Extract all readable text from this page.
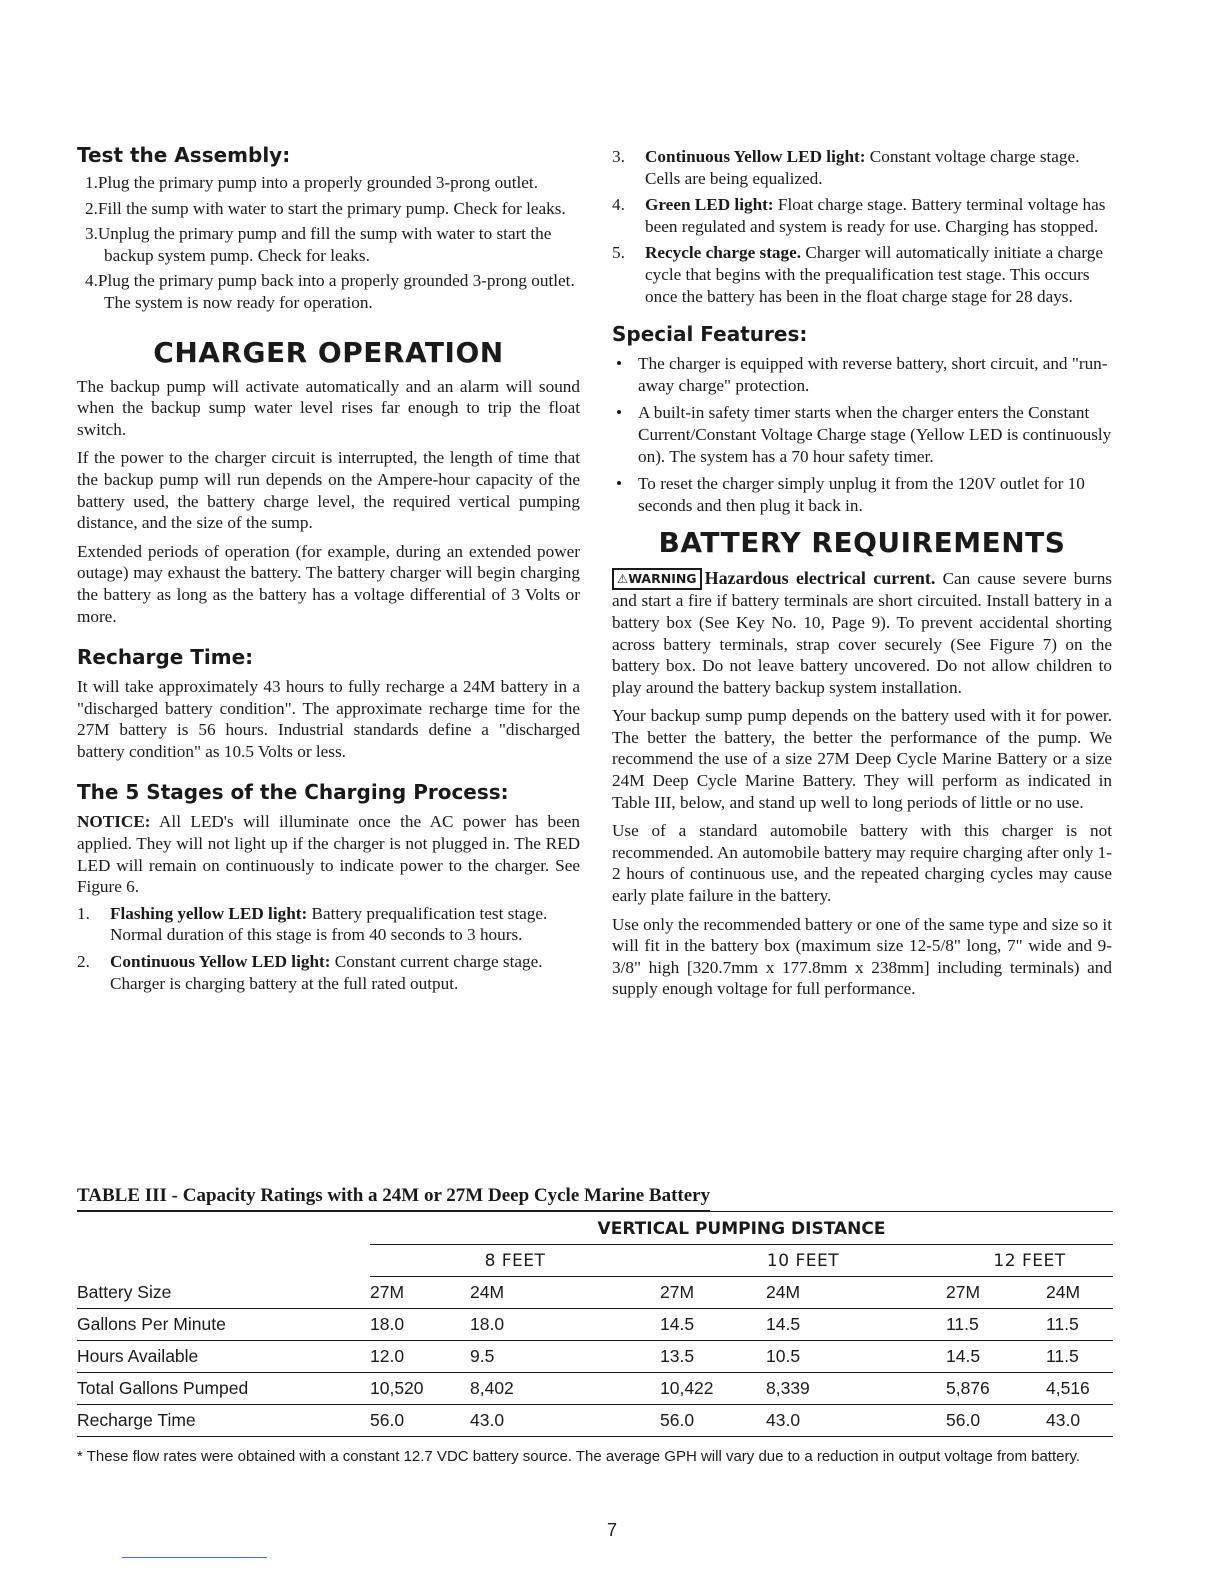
Test the Assembly:
1.Plug the primary pump into a properly grounded 3-prong outlet.
2.Fill the sump with water to start the primary pump. Check for leaks.
3.Unplug the primary pump and fill the sump with water to start the backup system pump. Check for leaks.
4.Plug the primary pump back into a properly grounded 3-prong outlet. The system is now ready for operation.
CHARGER OPERATION

The backup pump will activate automatically and an alarm will sound when the backup sump water level rises far enough to trip the float switch.

If the power to the charger circuit is interrupted, the length of time that the backup pump will run depends on the Ampere-hour capacity of the battery used, the battery charge level, the required vertical pumping distance, and the size of the sump.

Extended periods of operation (for example, during an extended power outage) may exhaust the battery. The battery charger will begin charging the battery as long as the battery has a voltage differential of 3 Volts or more.

Recharge Time:

It will take approximately 43 hours to fully recharge a 24M battery in a "discharged battery condition". The approximate recharge time for the 27M battery is 56 hours. Industrial standards define a "discharged battery condition" as 10.5 Volts or less.

The 5 Stages of the Charging Process:

NOTICE: All LED's will illuminate once the AC power has been applied. They will not light up if the charger is not plugged in. The RED LED will remain on continuously to indicate power to the charger. See Figure 6.

1. Flashing yellow LED light: Battery prequalification test stage. Normal duration of this stage is from 40 seconds to 3 hours.
2. Continuous Yellow LED light: Constant current charge stage. Charger is charging battery at the full rated output.
3. Continuous Yellow LED light: Constant voltage charge stage. Cells are being equalized.
4. Green LED light: Float charge stage. Battery terminal voltage has been regulated and system is ready for use. Charging has stopped.
5. Recycle charge stage. Charger will automatically initiate a charge cycle that begins with the prequalification test stage. This occurs once the battery has been in the float charge stage for 28 days.
Special Features:
• The charger is equipped with reverse battery, short circuit, and "run-away charge" protection.
• A built-in safety timer starts when the charger enters the Constant Current/Constant Voltage Charge stage (Yellow LED is continuously on). The system has a 70 hour safety timer.
• To reset the charger simply unplug it from the 120V outlet for 10 seconds and then plug it back in.
BATTERY REQUIREMENTS

⚠WARNING Hazardous electrical current. Can cause severe burns and start a fire if battery terminals are short circuited. Install battery in a battery box (See Key No. 10, Page 9). To prevent accidental shorting across battery terminals, strap cover securely (See Figure 7) on the battery box. Do not leave battery uncovered. Do not allow children to play around the battery backup system installation.

Your backup sump pump depends on the battery used with it for power. The better the battery, the better the performance of the pump. We recommend the use of a size 27M Deep Cycle Marine Battery or a size 24M Deep Cycle Marine Battery. They will perform as indicated in Table III, below, and stand up well to long periods of little or no use.

Use of a standard automobile battery with this charger is not recommended. An automobile battery may require charging after only 1-2 hours of continuous use, and the repeated charging cycles may cause early plate failure in the battery.

Use only the recommended battery or one of the same type and size so it will fit in the battery box (maximum size 12-5/8" long, 7" wide and 9-3/8" high [320.7mm x 177.8mm x 238mm] including terminals) and supply enough voltage for full performance.

TABLE III - Capacity Ratings with a 24M or 27M Deep Cycle Marine Battery
	VERTICAL PUMPING DISTANCE					
	8 FEET		10 FEET		12 FEET	
Battery Size	27M	24M	27M	24M	27M	24M
Gallons Per Minute	18.0	18.0	14.5	14.5	11.5	11.5
Hours Available	12.0	9.5	13.5	10.5	14.5	11.5
Total Gallons Pumped	10,520	8,402	10,422	8,339	5,876	4,516
Recharge Time	56.0	43.0	56.0	43.0	56.0	43.0
* These flow rates were obtained with a constant 12.7 VDC battery source. The average GPH will vary due to a reduction in output voltage from battery.
7
